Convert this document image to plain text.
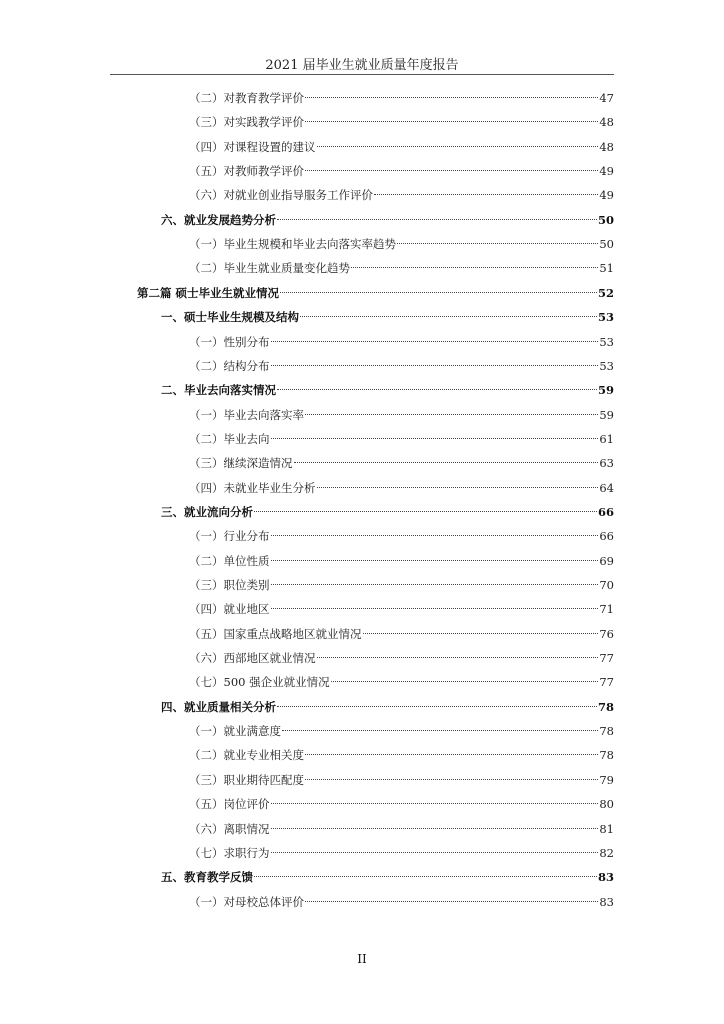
2021 届毕业生就业质量年度报告
（二）对教育教学评价	47
（三）对实践教学评价	48
（四）对课程设置的建议	48
（五）对教师教学评价	49
（六）对就业创业指导服务工作评价	49
六、就业发展趋势分析	50
（一）毕业生规模和毕业去向落实率趋势	50
（二）毕业生就业质量变化趋势	51
第二篇 硕士毕业生就业情况	52
一、硕士毕业生规模及结构	53
（一）性别分布	53
（二）结构分布	53
二、毕业去向落实情况	59
（一）毕业去向落实率	59
（二）毕业去向	61
（三）继续深造情况	63
（四）未就业毕业生分析	64
三、就业流向分析	66
（一）行业分布	66
（二）单位性质	69
（三）职位类别	70
（四）就业地区	71
（五）国家重点战略地区就业情况	76
（六）西部地区就业情况	77
（七）500 强企业就业情况	77
四、就业质量相关分析	78
（一）就业满意度	78
（二）就业专业相关度	78
（三）职业期待匹配度	79
（五）岗位评价	80
（六）离职情况	81
（七）求职行为	82
五、教育教学反馈	83
（一）对母校总体评价	83
II
